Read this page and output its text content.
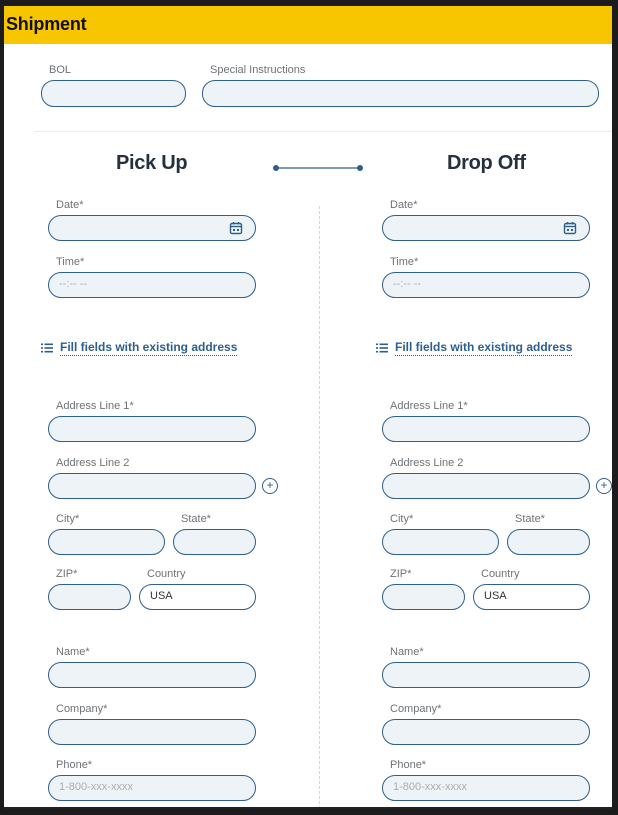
Shipment
BOL	Special Instructions
Pick Up	Drop Off
Date*
Time*
--:-- --
Fill fields with existing address
Address Line 1*
Address Line 2
+
City*	State*
ZIP*	Country
USA
Name*
Company*
Phone*
1-800-xxx-xxxx
Date*
Time*
--:-- --
Fill fields with existing address
Address Line 1*
Address Line 2
+
City*	State*
ZIP*	Country
USA
Name*
Company*
Phone*
1-800-xxx-xxxx
